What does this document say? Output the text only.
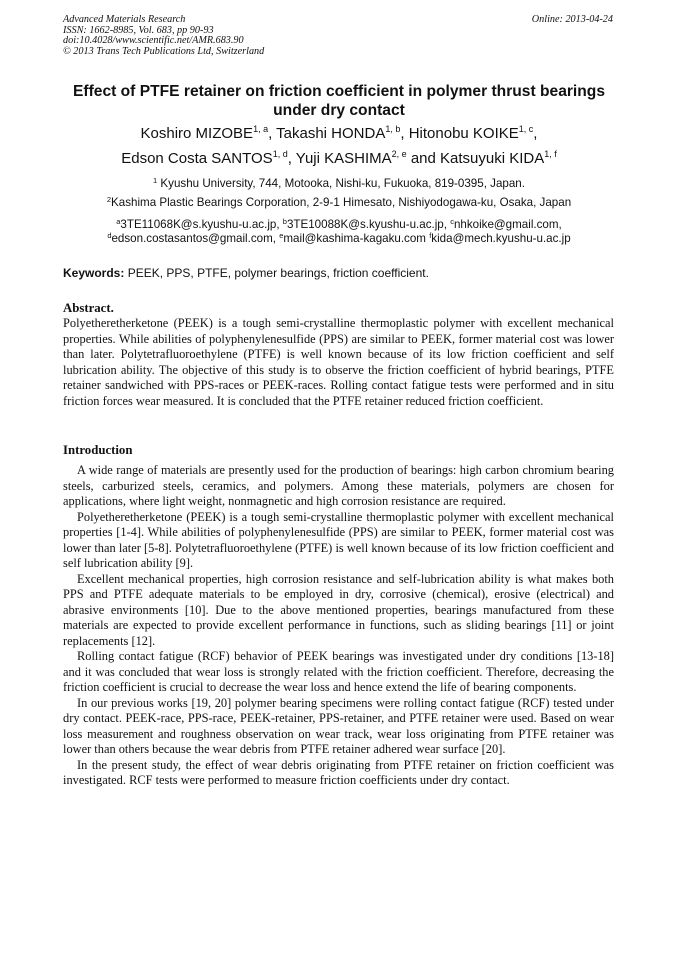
Advanced Materials Research
ISSN: 1662-8985, Vol. 683, pp 90-93
doi:10.4028/www.scientific.net/AMR.683.90
© 2013 Trans Tech Publications Ltd, Switzerland
Online: 2013-04-24
Effect of PTFE retainer on friction coefficient in polymer thrust bearings
under dry contact
Koshiro MIZOBE$^{1, a}$, Takashi HONDA$^{1, b}$, Hitonobu KOIKE$^{1, c}$,
Edson Costa SANTOS$^{1, d}$, Yuji KASHIMA$^{2, e}$ and Katsuyuki KIDA$^{1, f}$
$^1$ Kyushu University, 744, Motooka, Nishi-ku, Fukuoka, 819-0395, Japan.
$^2$Kashima Plastic Bearings Corporation, 2-9-1 Himesato, Nishiyodogawa-ku, Osaka, Japan
$^a$3TE11068K@s.kyushu-u.ac.jp, $^b$3TE10088K@s.kyushu-u.ac.jp, $^c$nhkoike@gmail.com,
$^d$edson.costasantos@gmail.com, $^e$mail@kashima-kagaku.com $^f$kida@mech.kyushu-u.ac.jp
Keywords: PEEK, PPS, PTFE, polymer bearings, friction coefficient.
Abstract.

Polyetheretherketone (PEEK) is a tough semi-crystalline thermoplastic polymer with excellent mechanical properties. While abilities of polyphenylenesulfide (PPS) are similar to PEEK, former material cost was lower than later. Polytetrafluoroethylene (PTFE) is well known because of its low friction coefficient and self lubrication ability. The objective of this study is to observe the friction coefficient of hybrid bearings, PTFE retainer sandwiched with PPS-races or PEEK-races. Rolling contact fatigue tests were performed and in situ friction forces wear measured. It is concluded that the PTFE retainer reduced friction coefficient.

Introduction

A wide range of materials are presently used for the production of bearings: high carbon chromium bearing steels, carburized steels, ceramics, and polymers. Among these materials, polymers are chosen for applications, where light weight, nonmagnetic and high corrosion resistance are required.

Polyetheretherketone (PEEK) is a tough semi-crystalline thermoplastic polymer with excellent mechanical properties [1-4]. While abilities of polyphenylenesulfide (PPS) are similar to PEEK, former material cost was lower than later [5-8]. Polytetrafluoroethylene (PTFE) is well known because of its low friction coefficient and self lubrication ability [9].

Excellent mechanical properties, high corrosion resistance and self-lubrication ability is what makes both PPS and PTFE adequate materials to be employed in dry, corrosive (chemical), erosive (electrical) and abrasive environments [10]. Due to the above mentioned properties, bearings manufactured from these materials are expected to provide excellent performance in functions, such as sliding bearings [11] or joint replacements [12].

Rolling contact fatigue (RCF) behavior of PEEK bearings was investigated under dry conditions [13-18] and it was concluded that wear loss is strongly related with the friction coefficient. Therefore, decreasing the friction coefficient is crucial to decrease the wear loss and hence extend the life of bearing components.

In our previous works [19, 20] polymer bearing specimens were rolling contact fatigue (RCF) tested under dry contact. PEEK-race, PPS-race, PEEK-retainer, PPS-retainer, and PTFE retainer were used. Based on wear loss measurement and roughness observation on wear track, wear loss originating from PTFE retainer was lower than others because the wear debris from PTFE retainer adhered wear surface [20].

In the present study, the effect of wear debris originating from PTFE retainer on friction coefficient was investigated. RCF tests were performed to measure friction coefficients under dry contact.
